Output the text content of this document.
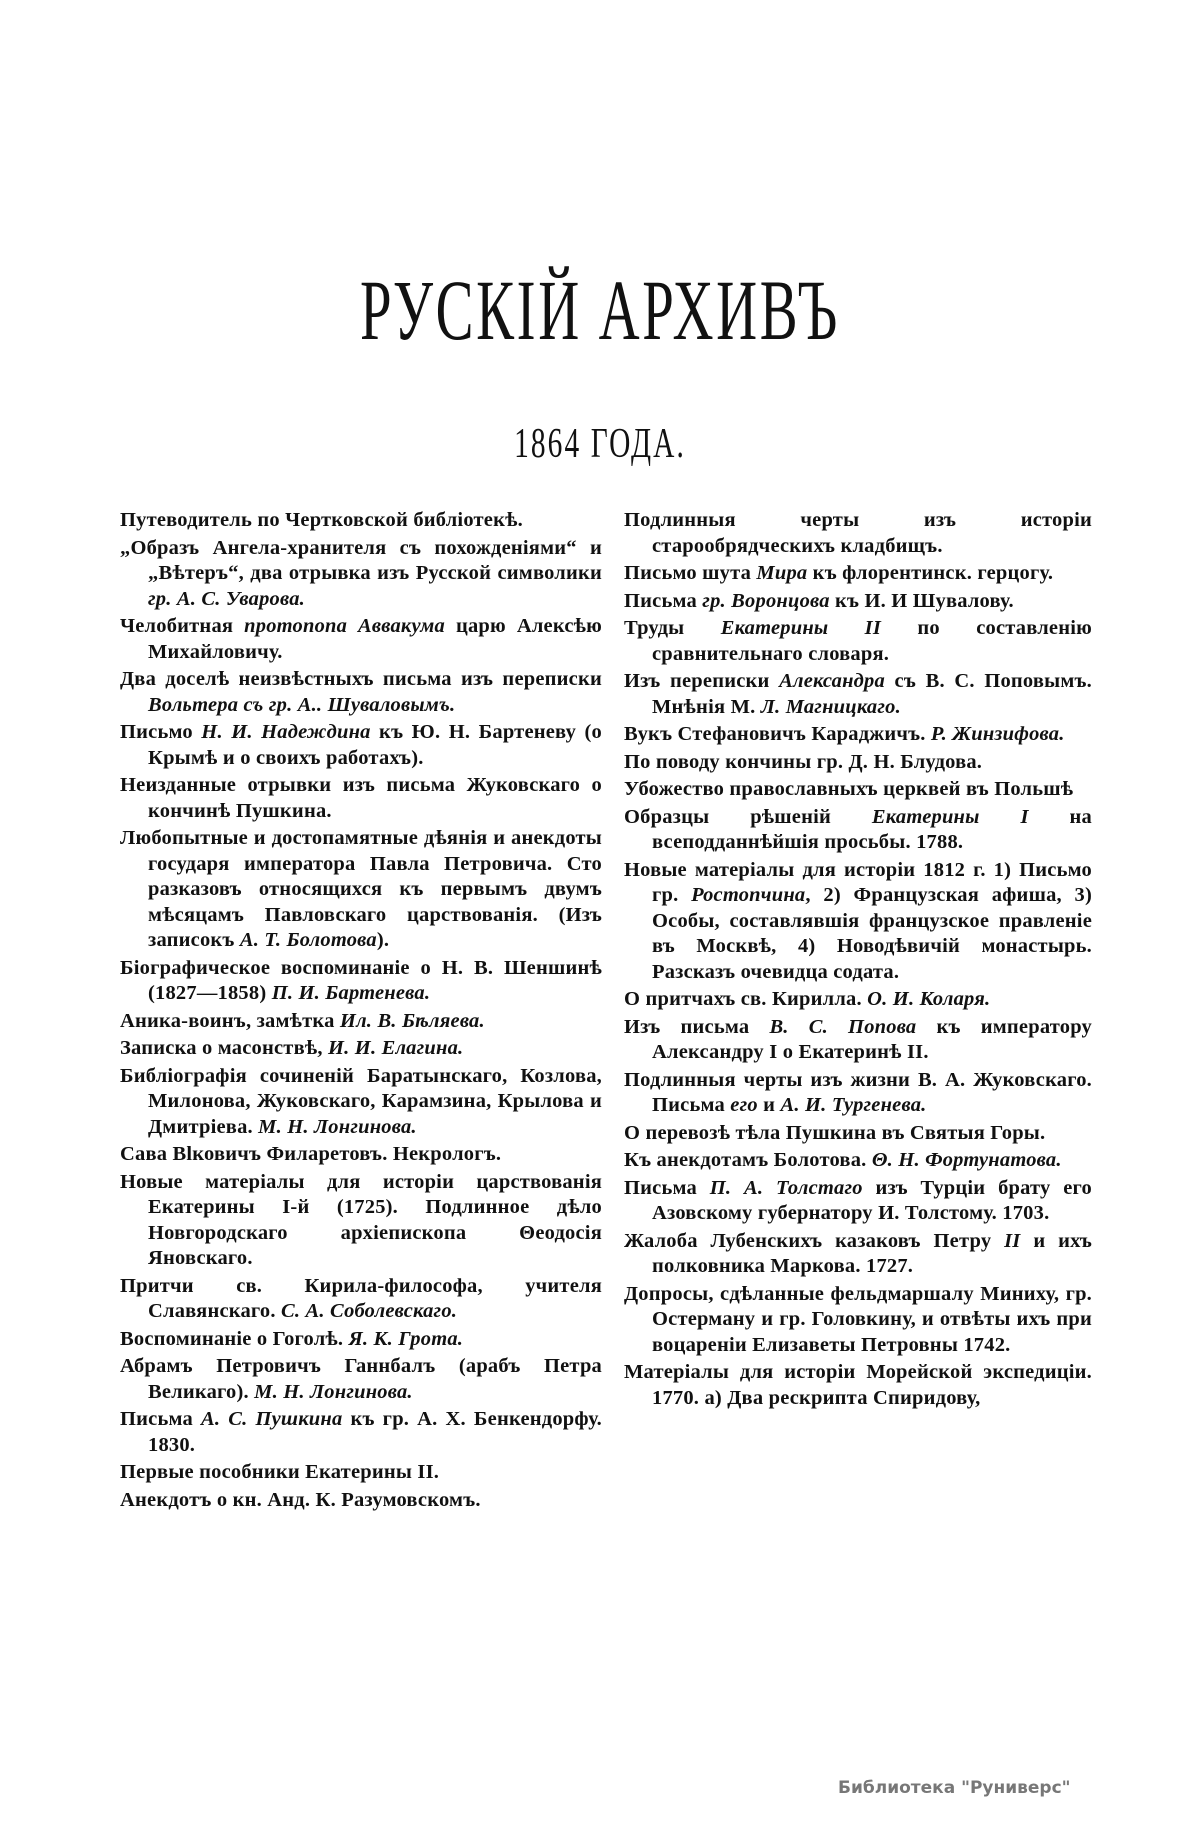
РУСКІЙ АРХИВЪ
1864 ГОДА.
Путеводитель по Чертковской библіотекѣ.
„Образъ Ангела-хранителя съ похожденіями“ и „Вѣтеръ“, два отрывка изъ Русской символики гр. А. С. Уварова.
Челобитная протопопа Аввакума царю Алексѣю Михайловичу.
Два доселѣ неизвѣстныхъ письма изъ переписки Вольтера съ гр. А.. Шуваловымъ.
Письмо Н. И. Надеждина къ Ю. Н. Бартеневу (о Крымѣ и о своихъ работахъ).
Неизданные отрывки изъ письма Жуковскаго о кончинѣ Пушкина.
Любопытные и достопамятные дѣянія и анекдоты государя императора Павла Петровича. Сто разказовъ относящихся къ первымъ двумъ мѣсяцамъ Павловскаго царствованія. (Изъ записокъ А. Т. Болотова).
Біографическое воспоминаніе о Н. В. Шеншинѣ (1827—1858) П. И. Бартенева.
Аника-воинъ, замѣтка Ил. В. Бѣляева.
Записка о масонствѣ, И. И. Елагина.
Библіографія сочиненій Баратынскаго, Козлова, Милонова, Жуковскаго, Карамзина, Крылова и Дмитріева. М. Н. Лонгинова.
Сава Вlковичъ Филаретовъ. Некрологъ.
Новые матеріалы для исторіи царствованія Екатерины I-й (1725). Подлинное дѣло Новгородскаго архіепископа Θеодосія Яновскаго.
Притчи св. Кирила-философа, учителя Славянскаго. С. А. Соболевскаго.
Воспоминаніе о Гоголѣ. Я. К. Грота.
Абрамъ Петровичъ Ганнбалъ (арабъ Петра Великаго). М. Н. Лонгинова.
Письма А. С. Пушкина къ гр. А. Х. Бенкендорфу. 1830.
Первые пособники Екатерины II.
Анекдотъ о кн. Анд. К. Разумовскомъ.
Подлинныя черты изъ исторіи старообрядческихъ кладбищъ.
Письмо шута Мира къ флорентинск. герцогу.
Письма гр. Воронцова къ И. И Шувалову.
Труды Екатерины II по составленію сравнительнаго словаря.
Изъ переписки Александра съ В. С. Поповымъ. Мнѣнія М. Л. Магницкаго.
Вукъ Стефановичъ Караджичъ. Р. Жинзифова.
По поводу кончины гр. Д. Н. Блудова.
Убожество православныхъ церквей въ Польшѣ
Образцы рѣшеній Екатерины I на всеподданнѣйшія просьбы. 1788.
Новые матеріалы для исторіи 1812 г. 1) Письмо гр. Ростопчина, 2) Французская афиша, 3) Особы, составлявшія французское правленіе въ Москвѣ, 4) Новодѣвичій монастырь. Разсказъ очевидца содата.
О притчахъ св. Кирилла. О. И. Коларя.
Изъ письма В. С. Попова къ императору Александру I о Екатеринѣ II.
Подлинныя черты изъ жизни В. А. Жуковскаго. Письма его и А. И. Тургенева.
О перевозѣ тѣла Пушкина въ Святыя Горы.
Къ анекдотамъ Болотова. Θ. Н. Фортунатова.
Письма П. А. Толстаго изъ Турціи брату его Азовскому губернатору И. Толстому. 1703.
Жалоба Лубенскихъ казаковъ Петру II и ихъ полковника Маркова. 1727.
Допросы, сдѣланные фельдмаршалу Миниху, гр. Остерману и гр. Головкину, и отвѣты ихъ при воцареніи Елизаветы Петровны 1742.
Матеріалы для исторіи Морейской экспедиціи. 1770. а) Два рескрипта Спиридову,
Библиотека "Руниверс"
